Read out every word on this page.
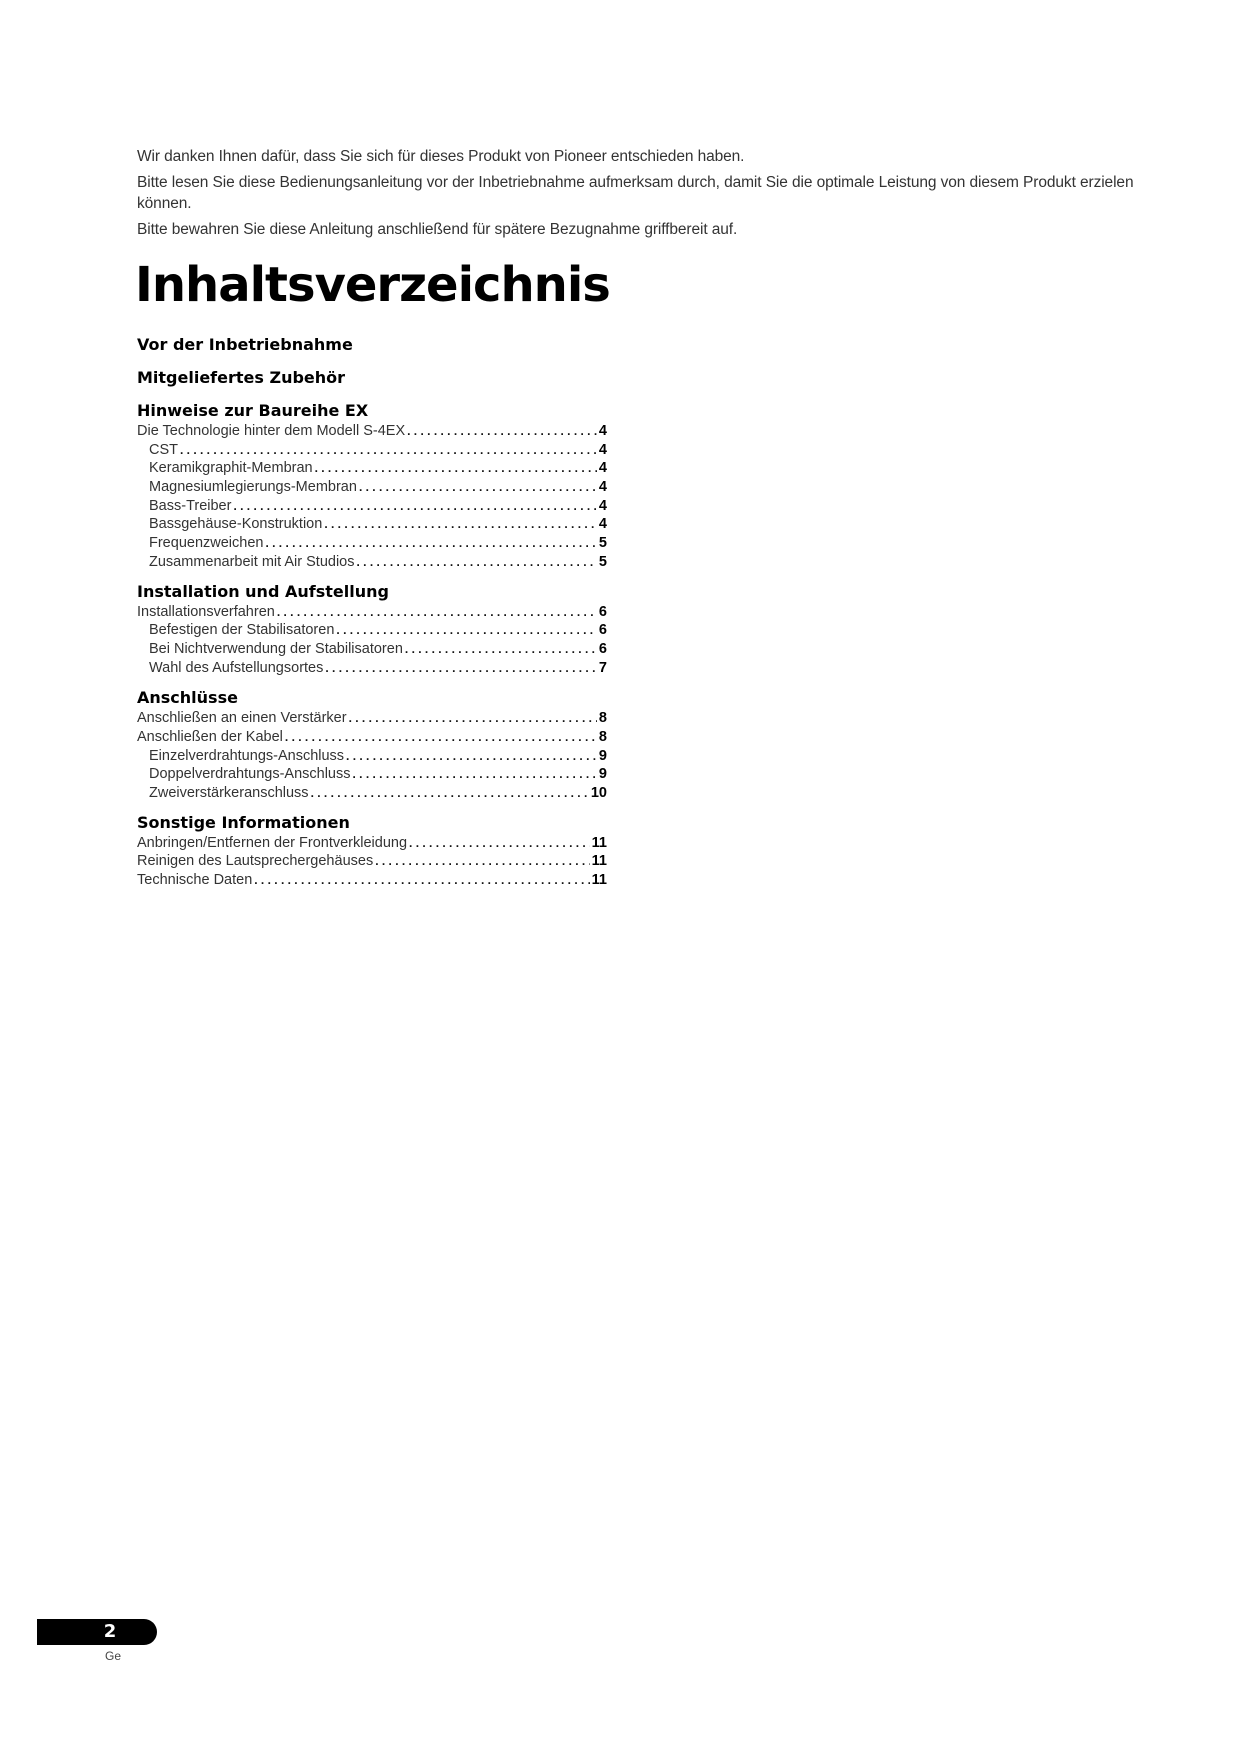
Wir danken Ihnen dafür, dass Sie sich für dieses Produkt von Pioneer entschieden haben.

Bitte lesen Sie diese Bedienungsanleitung vor der Inbetriebnahme aufmerksam durch, damit Sie die optimale Leistung von diesem Produkt erzielen können.

Bitte bewahren Sie diese Anleitung anschließend für spätere Bezugnahme griffbereit auf.

Inhaltsverzeichnis
Vor der Inbetriebnahme
Mitgeliefertes Zubehör
Hinweise zur Baureihe EX
Die Technologie hinter dem Modell S-4EX . . .	4
CST . . .	4
Keramikgraphit-Membran . . .	4
Magnesiumlegierungs-Membran . . .	4
Bass-Treiber . . .	4
Bassgehäuse-Konstruktion . . .	4
Frequenzweichen . . .	5
Zusammenarbeit mit Air Studios . . .	5
Installation und Aufstellung
Installationsverfahren . . .	6
Befestigen der Stabilisatoren . . .	6
Bei Nichtverwendung der Stabilisatoren . . .	6
Wahl des Aufstellungsortes . . .	7
Anschlüsse
Anschließen an einen Verstärker . . .	8
Anschließen der Kabel . . .	8
Einzelverdrahtungs-Anschluss . . .	9
Doppelverdrahtungs-Anschluss . . .	9
Zweiverstärkeranschluss . . .	10
Sonstige Informationen
Anbringen/Entfernen der Frontverkleidung . . .	11
Reinigen des Lautsprechergehäuses . . .	11
Technische Daten . . .	11
2
Ge
